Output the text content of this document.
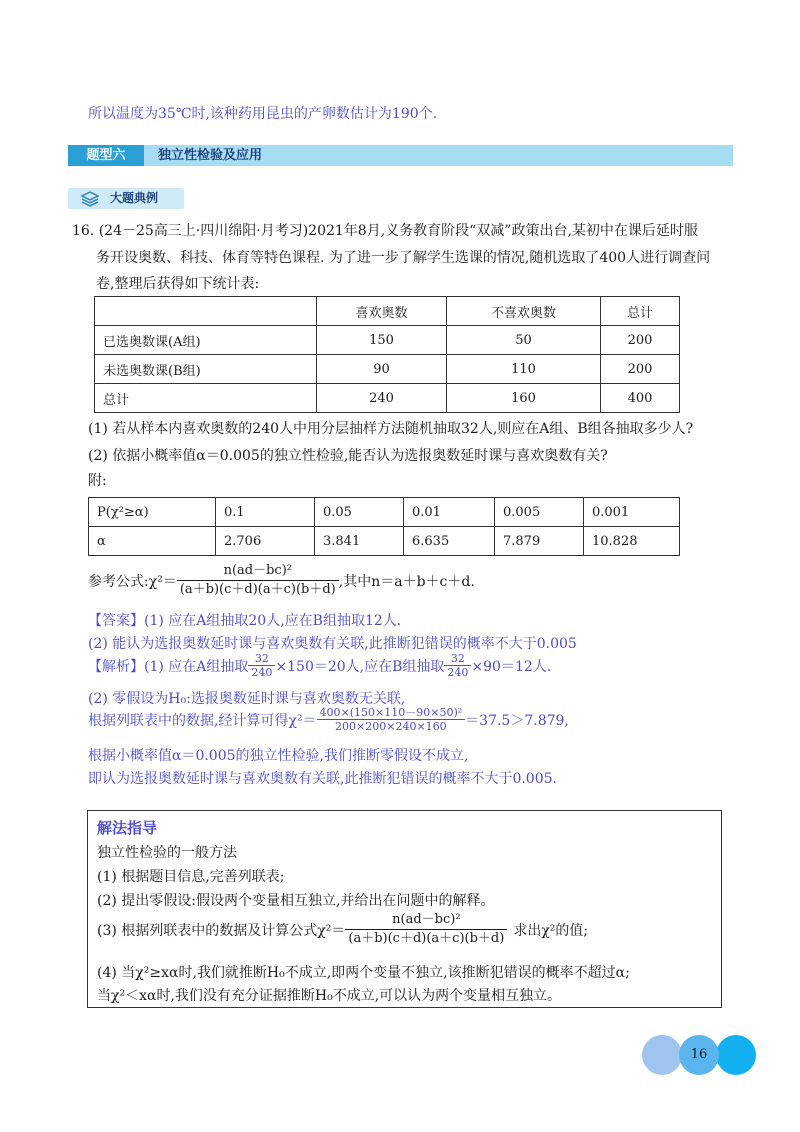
所以温度为35℃时,该种药用昆虫的产卵数估计为190个.
题型六	独立性检验及应用
大题典例
16. (24－25高三上·四川绵阳·月考习)2021年8月,义务教育阶段“双减”政策出台,某初中在课后延时服
务开设奥数、科技、体育等特色课程. 为了进一步了解学生选课的情况,随机选取了400人进行调查问
卷,整理后获得如下统计表:
	喜欢奥数	不喜欢奥数	总计
已选奥数课(A组)	150	50	200
未选奥数课(B组)	90	110	200
总计	240	160	400
(1) 若从样本内喜欢奥数的240人中用分层抽样方法随机抽取32人,则应在A组、B组各抽取多少人?
(2) 依据小概率值α＝0.005的独立性检验,能否认为选报奥数延时课与喜欢奥数有关?
附:
P(χ²≥α)	0.1	0.05	0.01	0.005	0.001
α	2.706	3.841	6.635	7.879	10.828
参考公式:χ²＝ $\frac{\text{n(ad－bc)²}}{(a+b)(c+d)(a+c)(b+d)}$ ,其中n＝a＋b＋c＋d.
【答案】(1) 应在A组抽取20人,应在B组抽取12人.
(2) 能认为选报奥数延时课与喜欢奥数有关联,此推断犯错误的概率不大于0.005
【解析】(1) 应在A组抽取 $\frac{32}{240} \times 150=20$人,应在B组抽取 $\frac{32}{240} \times 90=12$人.
(2) 零假设为H₀:选报奥数延时课与喜欢奥数无关联,
根据列联表中的数据,经计算可得$\chi^2= \frac{\text{400×(150×110－90×50)²}}{200\times 200\times 240\times 160} =37.5>7.879$,
根据小概率值α＝0.005的独立性检验,我们推断零假设不成立,
即认为选报奥数延时课与喜欢奥数有关联,此推断犯错误的概率不大于0.005.
解法指导
独立性检验的一般方法
(1) 根据题目信息,完善列联表;
(2) 提出零假设:假设两个变量相互独立,并给出在问题中的解释。
(3) 根据列联表中的数据及计算公式$\chi^2= \frac{\text{n(ad－bc)²}}{(a+b)(c+d)(a+c)(b+d)}$ 求出χ²的值;
(4) 当χ²≥xα时,我们就推断H₀不成立,即两个变量不独立,该推断犯错误的概率不超过α;
当χ²＜xα时,我们没有充分证据推断H₀不成立,可以认为两个变量相互独立。
16
